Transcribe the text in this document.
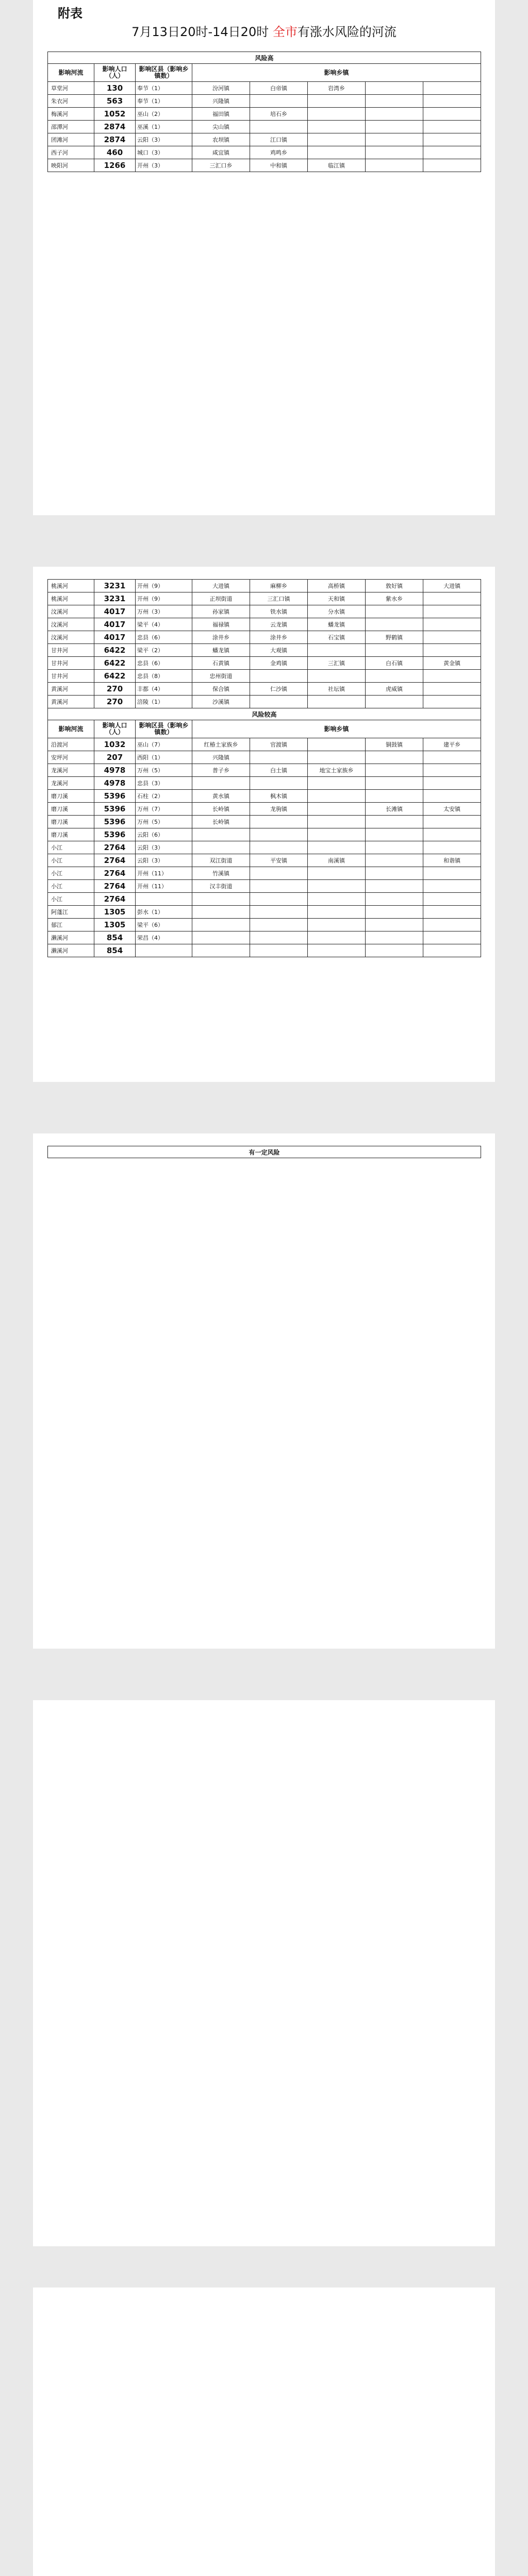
附表
7月13日20时-14日20时 全市有涨水风险的河流
风险高							
影响河流	影响人口（人）	影响区县（影响乡镇数）	影响乡镇				
草堂河	130	奉节（1）	汾河镇	白帝镇	岩湾乡		
朱衣河	563	奉节（1）	兴隆镇				
梅溪河	1052	巫山（2）	福田镇	培石乡			
邵潭河	2874	巫溪（1）	尖山镇				
团滩河	2874	云阳（3）	农坝镇	江口镇			
西子河	460	城口（3）	咸宜镇	鸡鸣乡			
映阳河	1266	开州（3）	三汇口乡	中和镇	临江镇		
桃溪河	3231	开州（9）	大进镇	麻柳乡	高桥镇	敦好镇	大进镇
桃溪河	3231	开州（9）	正坝街道	三汇口镇	天和镇	紫水乡	
汶溪河	4017	万州（3）	孙家镇	铁水镇	分水镇		
汶溪河	4017	梁平（4）	福禄镇	云龙镇	蟠龙镇		
汶溪河	4017	忠县（6）	涂井乡	涂井乡	石宝镇	野鹤镇	
甘井河	6422	梁平（2）	蟠龙镇	大观镇			
甘井河	6422	忠县（6）	石黄镇	金鸡镇	三汇镇	白石镇	黄金镇
甘井河	6422	忠县（8）	忠州街道				
黄溪河	270	丰都（4）	保合镇	仁沙镇	社坛镇	虎威镇	
黄溪河	270	涪陵（1）	沙溪镇				
风险较高							
影响河流	影响人口（人）	影响区县（影响乡镇数）	影响乡镇				
沿渡河	1032	巫山（7）	红椿土家族乡	官渡镇		铜鼓镇	建平乡
安坪河	207	西阳（1）	兴隆镇				
龙溪河	4978	万州（5）	普子乡	白土镇	地宝土家族乡		
龙溪河	4978	忠县（3）					
磨刀溪	5396	石柱（2）	黄水镇	枫木镇			
磨刀溪	5396	万州（7）	长岭镇	龙驹镇		长滩镇	太安镇
磨刀溪	5396	万州（5）	长岭镇				
磨刀溪	5396	云阳（6）					
小江	2764	云阳（3）					
小江	2764	云阳（3）	双江街道	平安镇	南溪镇		和谐镇
小江	2764	开州（11）	竹溪镇				
小江	2764	开州（11）	汉丰街道				
小江	2764						
阿蓬江	1305	彭水（1）					
郁江	1305	梁平（6）					
濑溪河	854	荣昌（4）					
濑溪河	854						
有一定风险
